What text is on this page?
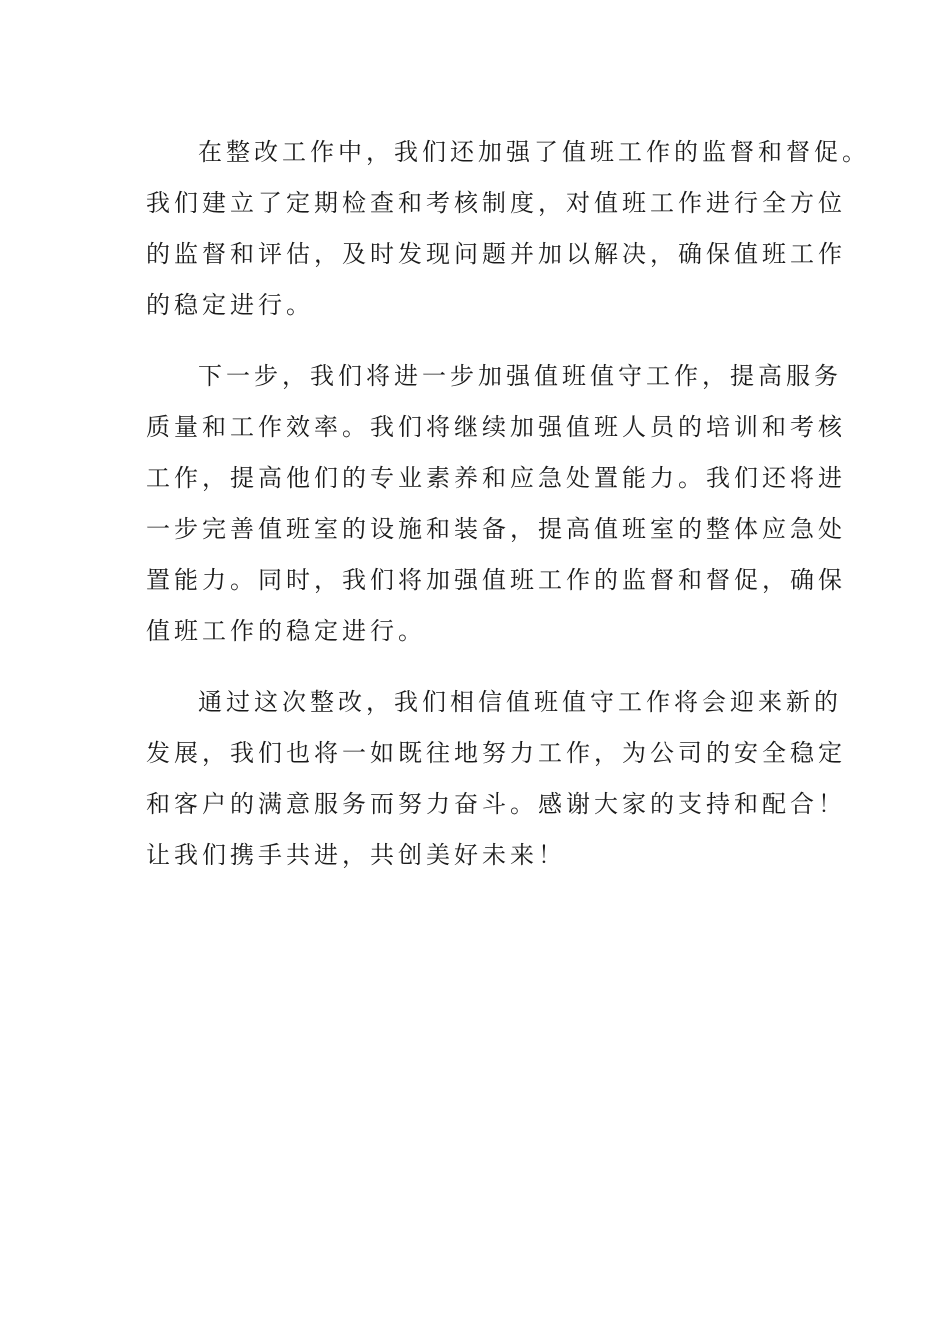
在整改工作中，我们还加强了值班工作的监督和督促。
我们建立了定期检查和考核制度，对值班工作进行全方位
的监督和评估，及时发现问题并加以解决，确保值班工作
的稳定进行。

下一步，我们将进一步加强值班值守工作，提高服务
质量和工作效率。我们将继续加强值班人员的培训和考核
工作，提高他们的专业素养和应急处置能力。我们还将进
一步完善值班室的设施和装备，提高值班室的整体应急处
置能力。同时，我们将加强值班工作的监督和督促，确保
值班工作的稳定进行。

通过这次整改，我们相信值班值守工作将会迎来新的
发展，我们也将一如既往地努力工作，为公司的安全稳定
和客户的满意服务而努力奋斗。感谢大家的支持和配合！
让我们携手共进，共创美好未来！
